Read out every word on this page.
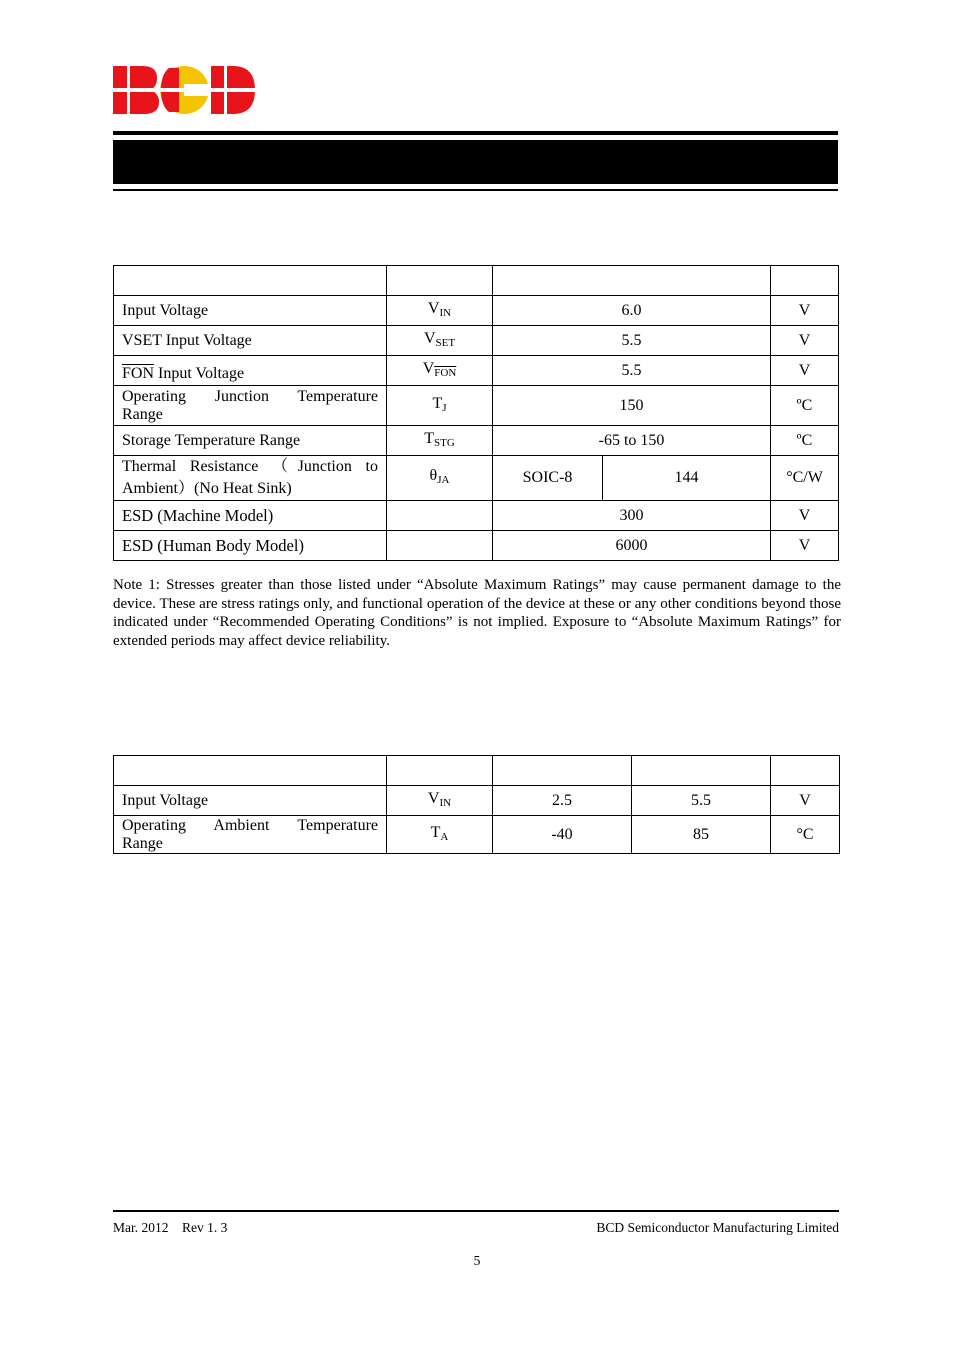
Input Voltage	$V_{IN}$	6.0		V
VSET Input Voltage	$V_{SET}$	5.5		V
$\overline{FON}$ Input Voltage	$V_{\overline{FON}}$	5.5		V
Operating Junction Temperature Range	$T_J$	150		ºC
Storage Temperature Range	$T_{STG}$	-65 to 150		ºC
Thermal Resistance （Junction to Ambient）(No Heat Sink)	$\theta_{JA}$	SOIC-8	144	°C/W
ESD (Machine Model)		300		V
ESD (Human Body Model)		6000		V
Note 1: Stresses greater than those listed under “Absolute Maximum Ratings” may cause permanent damage to the device. These are stress ratings only, and functional operation of the device at these or any other conditions beyond those indicated under “Recommended Operating Conditions” is not implied. Exposure to “Absolute Maximum Ratings” for extended periods may affect device reliability.

Input Voltage	$V_{IN}$	2.5	5.5	V
Operating Ambient Temperature Range	$T_A$	-40	85	°C
Mar. 2012    Rev 1. 3	BCD Semiconductor Manufacturing Limited
5
